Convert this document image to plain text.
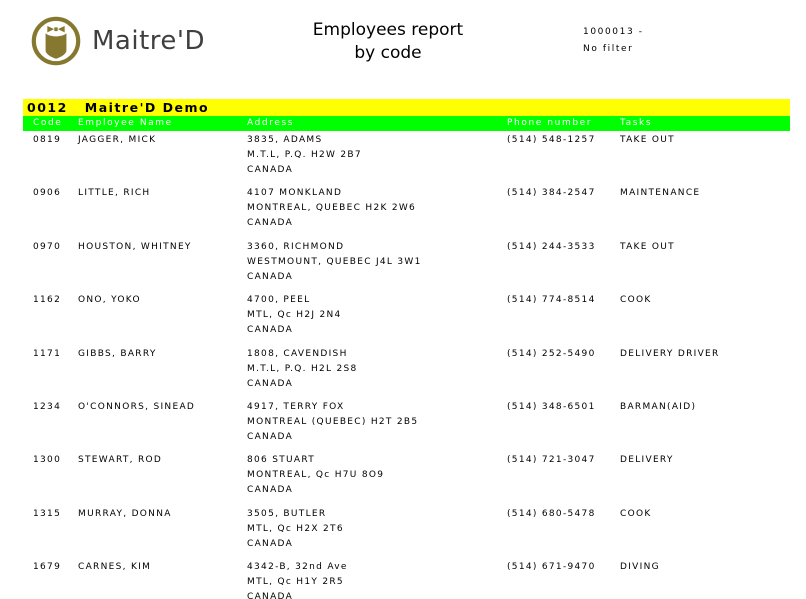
Maitre'D	Employees report
by code
1000013 -
No filter
0012 Maitre'D Demo
Code	Employee Name	Address	Phone number	Tasks
0819	JAGGER, MICK	3835, ADAMS
M.T.L, P.Q. H2W 2B7
CANADA
(514) 548-1257	TAKE OUT
0906	LITTLE, RICH	4107 MONKLAND
MONTREAL, QUEBEC H2K 2W6
CANADA
(514) 384-2547	MAINTENANCE
0970	HOUSTON, WHITNEY	3360, RICHMOND
WESTMOUNT, QUEBEC J4L 3W1
CANADA
(514) 244-3533	TAKE OUT
1162	ONO, YOKO	4700, PEEL
MTL, Qc H2J 2N4
CANADA
(514) 774-8514	COOK
1171	GIBBS, BARRY	1808, CAVENDISH
M.T.L, P.Q. H2L 2S8
CANADA
(514) 252-5490	DELIVERY DRIVER
1234	O'CONNORS, SINEAD	4917, TERRY FOX
MONTREAL (QUEBEC) H2T 2B5
CANADA
(514) 348-6501	BARMAN(AID)
1300	STEWART, ROD	806 STUART
MONTREAL, Qc H7U 8O9
CANADA
(514) 721-3047	DELIVERY
1315	MURRAY, DONNA	3505, BUTLER
MTL, Qc H2X 2T6
CANADA
(514) 680-5478	COOK
1679	CARNES, KIM	4342-B, 32nd Ave
MTL, Qc H1Y 2R5
CANADA
(514) 671-9470	DIVING
